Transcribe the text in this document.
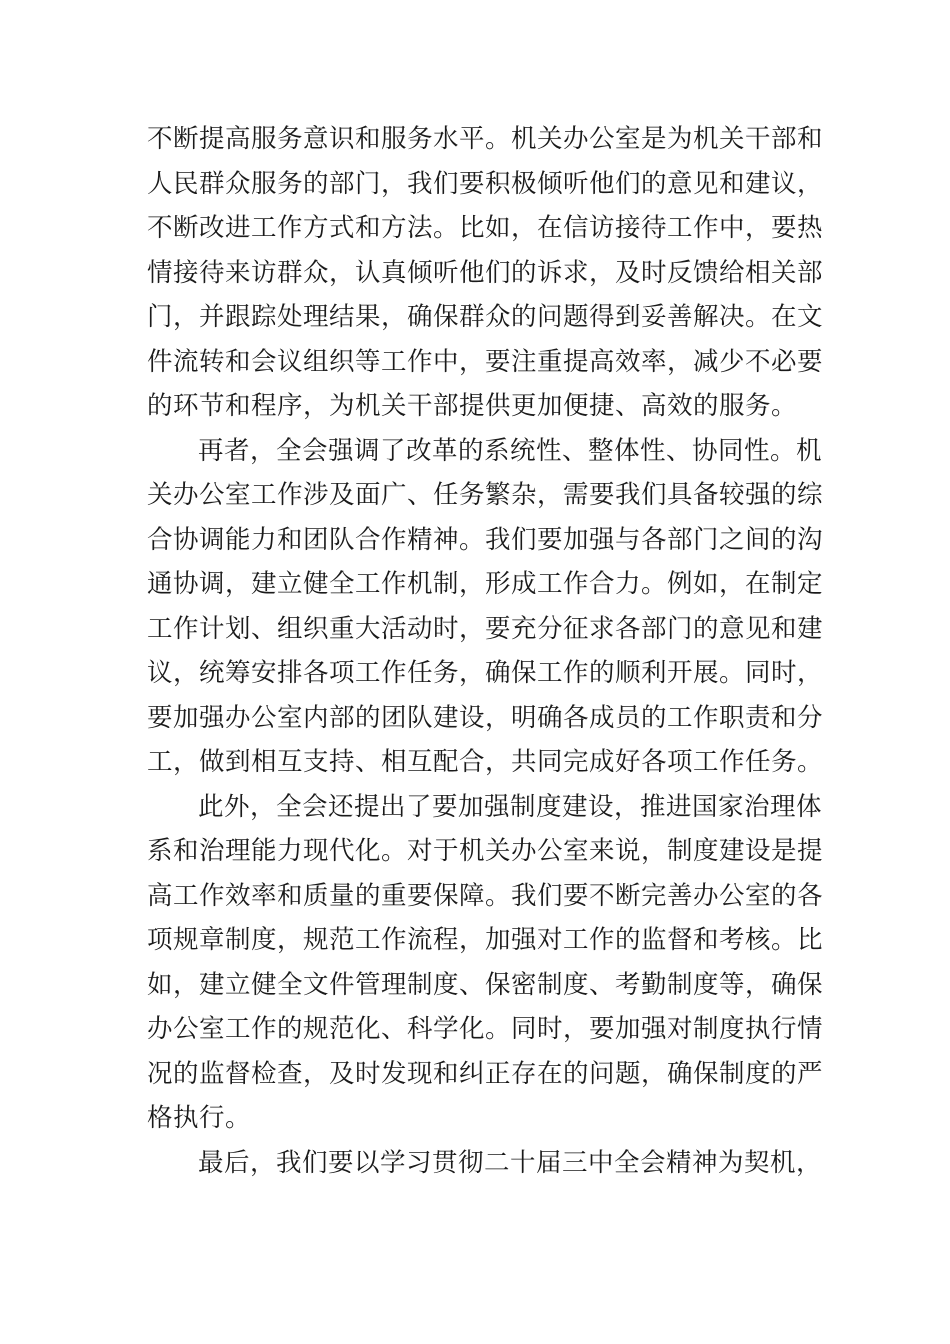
不断提高服务意识和服务水平。机关办公室是为机关干部和
人民群众服务的部门，我们要积极倾听他们的意见和建议，
不断改进工作方式和方法。比如，在信访接待工作中，要热
情接待来访群众，认真倾听他们的诉求，及时反馈给相关部
门，并跟踪处理结果，确保群众的问题得到妥善解决。在文
件流转和会议组织等工作中，要注重提高效率，减少不必要
的环节和程序，为机关干部提供更加便捷、高效的服务。
再者，全会强调了改革的系统性、整体性、协同性。机
关办公室工作涉及面广、任务繁杂，需要我们具备较强的综
合协调能力和团队合作精神。我们要加强与各部门之间的沟
通协调，建立健全工作机制，形成工作合力。例如，在制定
工作计划、组织重大活动时，要充分征求各部门的意见和建
议，统筹安排各项工作任务，确保工作的顺利开展。同时，
要加强办公室内部的团队建设，明确各成员的工作职责和分
工，做到相互支持、相互配合，共同完成好各项工作任务。
此外，全会还提出了要加强制度建设，推进国家治理体
系和治理能力现代化。对于机关办公室来说，制度建设是提
高工作效率和质量的重要保障。我们要不断完善办公室的各
项规章制度，规范工作流程，加强对工作的监督和考核。比
如，建立健全文件管理制度、保密制度、考勤制度等，确保
办公室工作的规范化、科学化。同时，要加强对制度执行情
况的监督检查，及时发现和纠正存在的问题，确保制度的严
格执行。
最后，我们要以学习贯彻二十届三中全会精神为契机，
